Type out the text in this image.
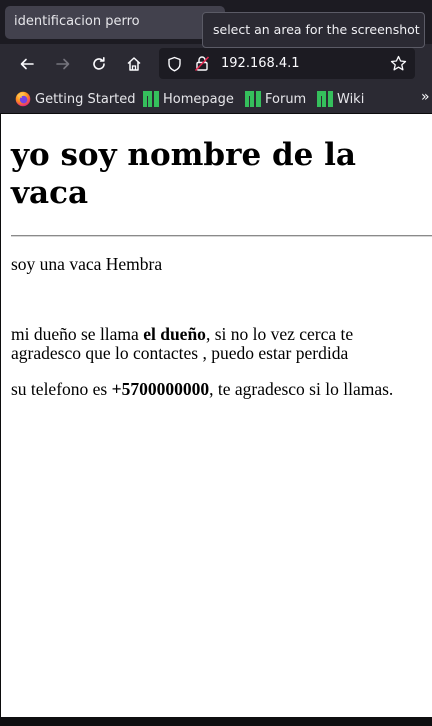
identificacion perro
select an area for the screenshot
192.168.4.1
Getting Started Homepage Forum Wiki	»
yo soy nombre de la vaca

soy una vaca Hembra

mi dueño se llama el dueño, si no lo vez cerca te agradesco que lo contactes , puedo estar perdida

su telefono es +5700000000, te agradesco si lo llamas.
